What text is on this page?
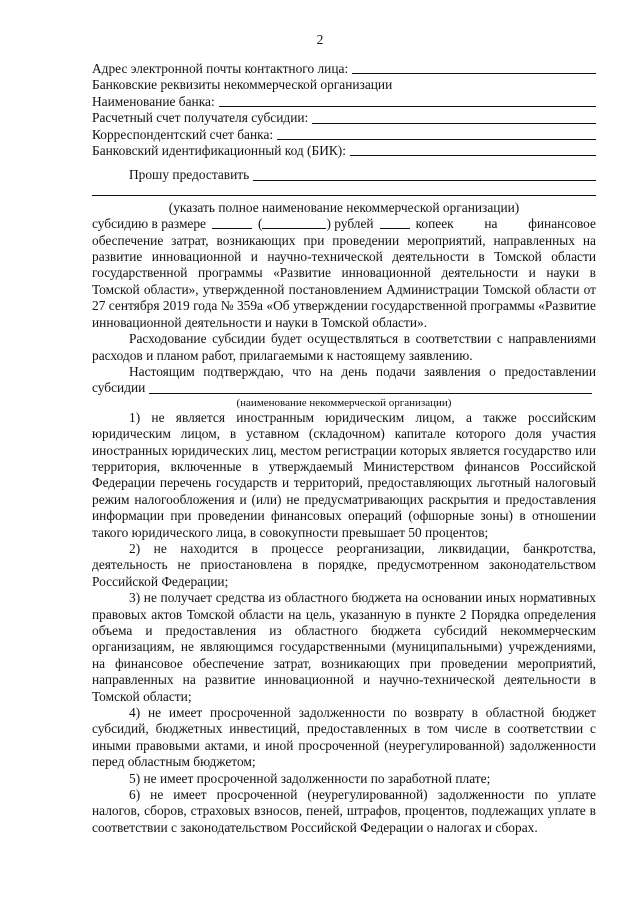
2
Адрес электронной почты контактного лица:

Банковские реквизиты некоммерческой организации

Наименование банка:
Расчетный счет получателя субсидии:
Корреспондентский счет банка:
Банковский идентификационный код (БИК):
Прошу предоставить

(указать полное наименование некоммерческой организации)

субсидию в размере	(	) рублей	копеек на финансовое

обеспечение затрат, возникающих при проведении мероприятий, направленных на развитие инновационной и научно-технической деятельности в Томской области государственной программы «Развитие инновационной деятельности и науки в Томской области», утвержденной постановлением Администрации Томской области от 27 сентября 2019 года № 359а «Об утверждении государственной программы «Развитие инновационной деятельности и науки в Томской области».

Расходование субсидии будет осуществляться в соответствии с направлениями расходов и планом работ, прилагаемыми к настоящему заявлению.

Настоящим подтверждаю, что на день подачи заявления о предоставлении

субсидии

(наименование некоммерческой организации)

1) не является иностранным юридическим лицом, а также российским юридическим лицом, в уставном (складочном) капитале которого доля участия иностранных юридических лиц, местом регистрации которых является государство или территория, включенные в утверждаемый Министерством финансов Российской Федерации перечень государств и территорий, предоставляющих льготный налоговый режим налогообложения и (или) не предусматривающих раскрытия и предоставления информации при проведении финансовых операций (офшорные зоны) в отношении такого юридического лица, в совокупности превышает 50 процентов;

2) не находится в процессе реорганизации, ликвидации, банкротства, деятельность не приостановлена в порядке, предусмотренном законодательством Российской Федерации;

3) не получает средства из областного бюджета на основании иных нормативных правовых актов Томской области на цель, указанную в пункте 2 Порядка определения объема и предоставления из областного бюджета субсидий некоммерческим организациям, не являющимся государственными (муниципальными) учреждениями, на финансовое обеспечение затрат, возникающих при проведении мероприятий, направленных на развитие инновационной и научно-технической деятельности в Томской области;

4) не имеет просроченной задолженности по возврату в областной бюджет субсидий, бюджетных инвестиций, предоставленных в том числе в соответствии с иными правовыми актами, и иной просроченной (неурегулированной) задолженности перед областным бюджетом;

5) не имеет просроченной задолженности по заработной плате;

6) не имеет просроченной (неурегулированной) задолженности по уплате налогов, сборов, страховых взносов, пеней, штрафов, процентов, подлежащих уплате в соответствии с законодательством Российской Федерации о налогах и сборах.
